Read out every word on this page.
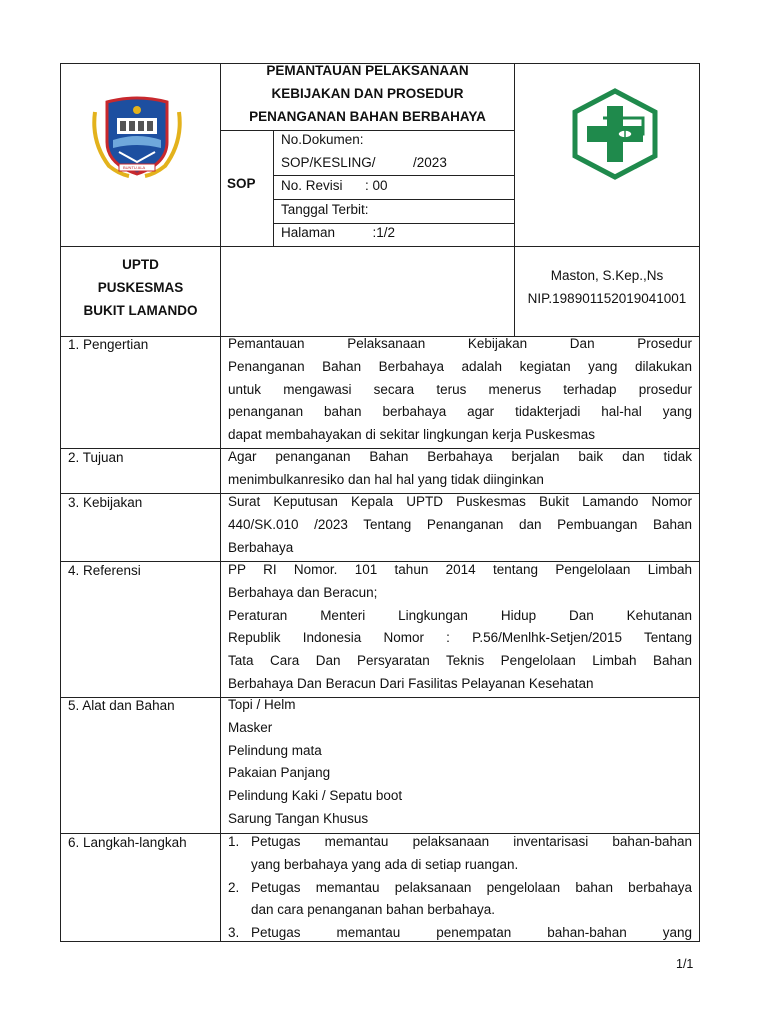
BUNTU ALA
PEMANTAUAN PELAKSANAAN
KEBIJAKAN DAN PROSEDUR
PENANGANAN BAHAN BERBAHAYA
SOP
No.Dokumen:
SOP/KESLING/          /2023
No. Revisi      : 00
Tanggal Terbit:
Halaman          :1/2
UPTD
PUSKESMAS
BUKIT LAMANDO
Maston, S.Kep.,Ns
NIP.198901152019041001
1. Pengertian
2. Tujuan
3. Kebijakan
4. Referensi
5. Alat dan Bahan
6. Langkah-langkah
Pemantauan Pelaksanaan Kebijakan Dan Prosedur
Penanganan Bahan Berbahaya adalah kegiatan yang dilakukan
untuk mengawasi secara terus menerus terhadap prosedur
penanganan bahan berbahaya agar tidakterjadi hal-hal yang
dapat membahayakan di sekitar lingkungan kerja Puskesmas
Agar penanganan Bahan Berbahaya berjalan baik dan tidak
menimbulkanresiko dan hal hal yang tidak diinginkan
Surat Keputusan Kepala UPTD Puskesmas Bukit Lamando Nomor
440/SK.010 /2023 Tentang Penanganan dan Pembuangan Bahan
Berbahaya
PP RI Nomor. 101 tahun 2014 tentang Pengelolaan Limbah
Berbahaya dan Beracun;
Peraturan Menteri Lingkungan Hidup Dan Kehutanan
Republik Indonesia Nomor : P.56/Menlhk-Setjen/2015 Tentang
Tata Cara Dan Persyaratan Teknis Pengelolaan Limbah Bahan
Berbahaya Dan Beracun Dari Fasilitas Pelayanan Kesehatan
Topi / Helm
Masker
Pelindung mata
Pakaian Panjang
Pelindung Kaki / Sepatu boot
Sarung Tangan Khusus
1. Petugas memantau pelaksanaan inventarisasi bahan-bahan
yang berbahaya yang ada di setiap ruangan.
2. Petugas memantau pelaksanaan pengelolaan bahan berbahaya
dan cara penanganan bahan berbahaya.
3. Petugas memantau penempatan bahan-bahan yang
1/1
